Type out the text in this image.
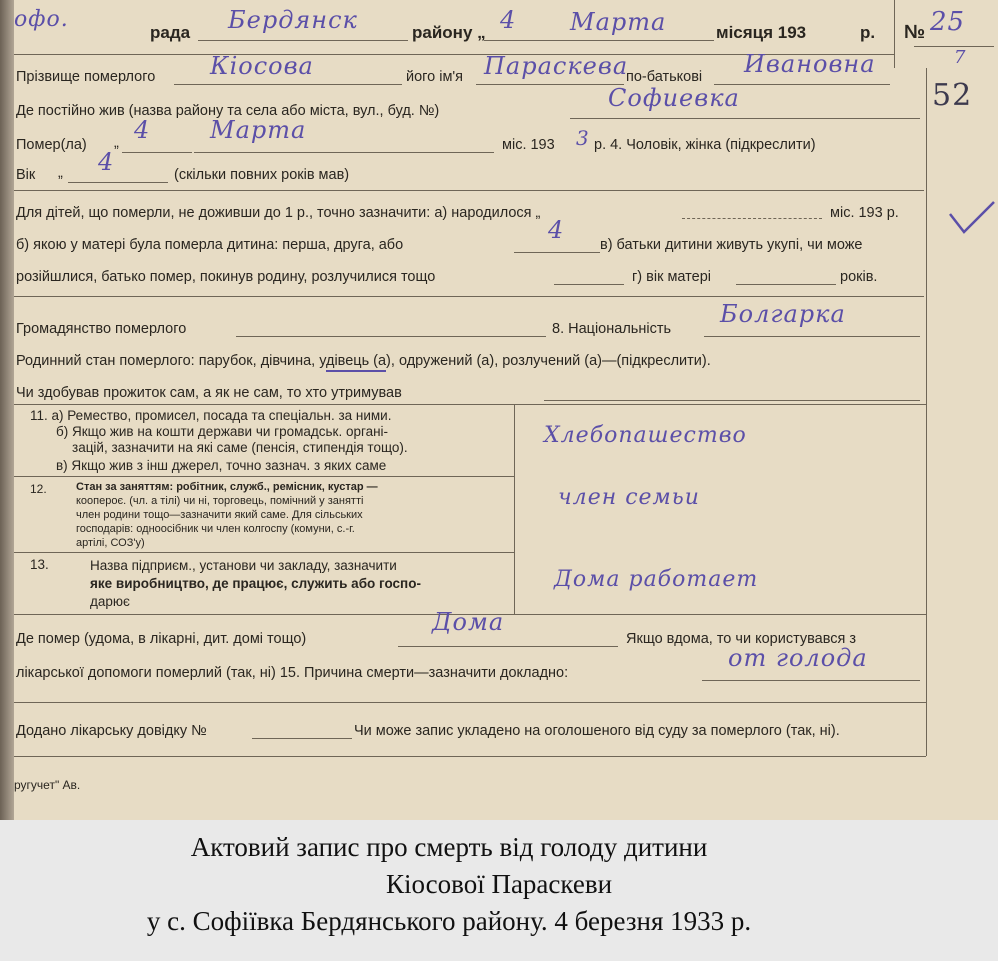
офо.
рада Бердянск	району „ 4 Марта	місяця 193	р. № 25
7
52
Прізвище померлого Кіосова	його ім'я Параскева
по-батькові Ивановна
Де постійно жив (назва району та села або міста, вул., буд. №)	Софиевка
Помер(ла) „ 4 Марта
міс. 193 3 р. 4. Чоловік, жінка (підкреслити)
Вік „ 4	(скільки повних років мав)
Для дітей, що померли, не доживши до 1 р., точно зазначити: а) народилося „	міс. 193 р.
б) якою у матері була померла дитина: перша, друга, або
4
в) батьки дитини живуть укупі, чи може
розійшлися, батько помер, покинув родину, розлучилися тощо	г) вік матері	років.
Громадянство померлого	8. Національність
Болгарка
Родинний стан померлого: парубок, дівчина, удівець (а), одружений (а), розлучений (а)—(підкреслити).
Чи здобував прожиток сам, а як не сам, то хто утримував
11. а) Ремество, промисел, посада та спеціальн. за ними.
б) Якщо жив на кошти держави чи громадськ. органі-
зацій, зазначити на які саме (пенсія, стипендія тощо).
в) Якщо жив з інш джерел, точно зазнач. з яких саме
Хлебопашество
12.	Стан за заняттям: робітник, служб., ремісник, кустар —
коопероє. (чл. а тілі) чи ні, торговець, помічний у занятті
член родини тощо—зазначити який саме. Для сільських
господарів: одноосібник чи член колгоспу (комуни, с.-г.
артілі, СОЗ'у)
член семьи
13.	Назва підприєм., установи чи закладу, зазначити
яке виробництво, де працює, служить або госпо-
дарює
Дома работает
Де помер (удома, в лікарні, дит. домі тощо)
Дома
Якщо вдома, то чи користувався з
лікарської допомоги померлий (так, ні) 15. Причина смерти—зазначити докладно:
от голода
Додано лікарську довідку №	Чи може запис укладено на оголошеного від суду за померлого (так, ні).
ругучет" Ав.
Актовий запис про смерть від голоду дитини
Кіосової Параскеви
у с. Софіївка Бердянського району. 4 березня 1933 р.
